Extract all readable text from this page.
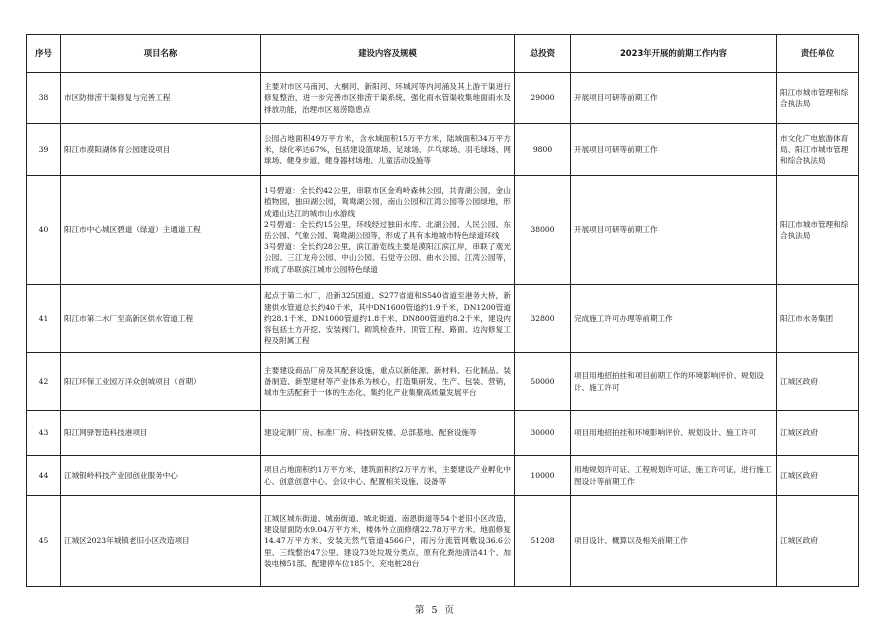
序号	项目名称	建设内容及规模	总投资	2023年开展的前期工作内容	责任单位
38	市区防排涝干渠修复与完善工程	主要对市区马南河、大桐河、新阳河、环城河等内河涌及其上游干渠进行修复整治，进一步完善市区排涝干渠系统，强化雨水管渠收集地面雨水及排放功能，治理市区易涝隐患点	29000	开展项目可研等前期工作	阳江市城市管理和综合执法局
39	阳江市漠阳湖体育公园建设项目	公园占地面积49万平方米，含水域面积15万平方米，陆域面积34万平方米，绿化率达67%，包括建设篮球场、足球场、乒乓球场、羽毛球场、网球场、健身步道、健身器材场地、儿童活动设施等	9800	开展项目可研等前期工作	市文化广电旅游体育局、阳江市城市管理和综合执法局
40	阳江市中心城区碧道（绿道）主通道工程	1号碧道：全长约42公里，串联市区金鸡岭森林公园，共青湖公园，金山植物园，独田湖公园，鸳鸯湖公园，南山公园和江湾公园等公园绿地，形成通山达江的城市山水游线
2号碧道：全长约15公里，环线经过独田水库、北湖公园、人民公园、东岳公园、气象公园、鸳鸯湖公园等，形成了具有本地城市特色绿道环线
3号碧道：全长约28公里，滨江游览线主要是漠阳江滨江岸，串联了观光公园、三江龙舟公园、中山公园、石觉寺公园、曲水公园、江湾公园等，形成了串联滨江城市公园特色绿道	38000	开展项目可研等前期工作	阳江市城市管理和综合执法局
41	阳江市第二水厂至高新区供水管道工程	起点于第二水厂，沿新325国道、S277省道和S540省道至港务大桥，新建供水管道总长约40千米，其中DN1600管道约1.9千米，DN1200管道约28.1千米、DN1000管道约1.8千米、DN800管道约8.2千米，建设内容包括土方开挖、安装阀门、砌筑检查井、顶管工程、路面、边沟修复工程及附属工程	32800	完成施工许可办理等前期工作	阳江市水务集团
42	阳江环保工业园万洋众创城项目（首期）	主要建设商品厂房及其配套设施，重点以新能源、新材料、石化制品、装备制造、新型建材等产业体系为核心，打造集研发、生产、包装、营销，城市生活配套于一体的生态化、集约化产业集聚高质量发展平台	50000	项目用地招拍挂和项目前期工作的环境影响评价、规划设计、施工许可	江城区政府
43	阳江网驿智造科技港项目	建设定制厂房、标准厂房、科技研发楼、总部基地、配套设施等	30000	项目用地招拍挂和环境影响评价、规划设计、施工许可	江城区政府
44	江城银岭科技产业园创业服务中心	项目占地面积约1万平方米，建筑面积约2万平方米，主要建设产业孵化中心、创意创意中心、会议中心、配置相关设施、设备等	10000	用地规划许可证、工程规划许可证、施工许可证，进行施工图设计等前期工作	江城区政府
45	江城区2023年城镇老旧小区改造项目	江城区城东街道、城南街道、城北街道、南恩街道等54个老旧小区改造，建设屋面防水9.04万平方米，楼体外立面修缮22.78万平方米、地面修复14.47万平方米、安装天然气管道4566户，雨污分流管网敷设36.6公里、三线整治47公里、建设73处垃圾分类点，原有化粪池清洁41个、加装电梯51部、配建停车位185个、充电桩28台	51208	项目设计、概算以及相关前期工作	江城区政府
第 5 页
